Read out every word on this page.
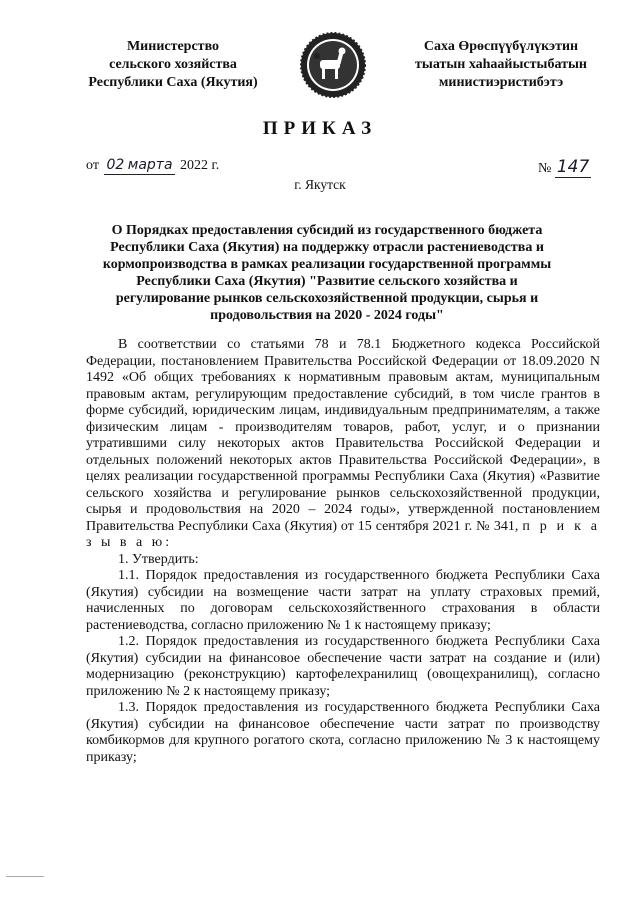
Министерство
сельского хозяйства
Республики Саха (Якутия)
Саха Өрөспүүбүлүкэтин
тыатын хаһаайыстыбатын
министиэристибэтэ
ПРИКАЗ
от 02 марта 2022 г.	№ 147
г. Якутск
О Порядках предоставления субсидий из государственного бюджета Республики Саха (Якутия) на поддержку отрасли растениеводства и кормопроизводства в рамках реализации государственной программы Республики Саха (Якутия) "Развитие сельского хозяйства и регулирование рынков сельскохозяйственной продукции, сырья и продовольствия на 2020 - 2024 годы"

В соответствии со статьями 78 и 78.1 Бюджетного кодекса Российской Федерации, постановлением Правительства Российской Федерации от 18.09.2020 N 1492 «Об общих требованиях к нормативным правовым актам, муниципальным правовым актам, регулирующим предоставление субсидий, в том числе грантов в форме субсидий, юридическим лицам, индивидуальным предпринимателям, а также физическим лицам - производителям товаров, работ, услуг, и о признании утратившими силу некоторых актов Правительства Российской Федерации и отдельных положений некоторых актов Правительства Российской Федерации», в целях реализации государственной программы Республики Саха (Якутия) «Развитие сельского хозяйства и регулирование рынков сельскохозяйственной продукции, сырья и продовольствия на 2020 – 2024 годы», утвержденной постановлением Правительства Республики Саха (Якутия) от 15 сентября 2021 г. № 341, п р и к а з ы в а ю:

1. Утвердить:

1.1. Порядок предоставления из государственного бюджета Республики Саха (Якутия) субсидии на возмещение части затрат на уплату страховых премий, начисленных по договорам сельскохозяйственного страхования в области растениеводства, согласно приложению № 1 к настоящему приказу;

1.2. Порядок предоставления из государственного бюджета Республики Саха (Якутия) субсидии на финансовое обеспечение части затрат на создание и (или) модернизацию (реконструкцию) картофелехранилищ (овощехранилищ), согласно приложению № 2 к настоящему приказу;

1.3. Порядок предоставления из государственного бюджета Республики Саха (Якутия) субсидии на финансовое обеспечение части затрат по производству комбикормов для крупного рогатого скота, согласно приложению № 3 к настоящему приказу;
